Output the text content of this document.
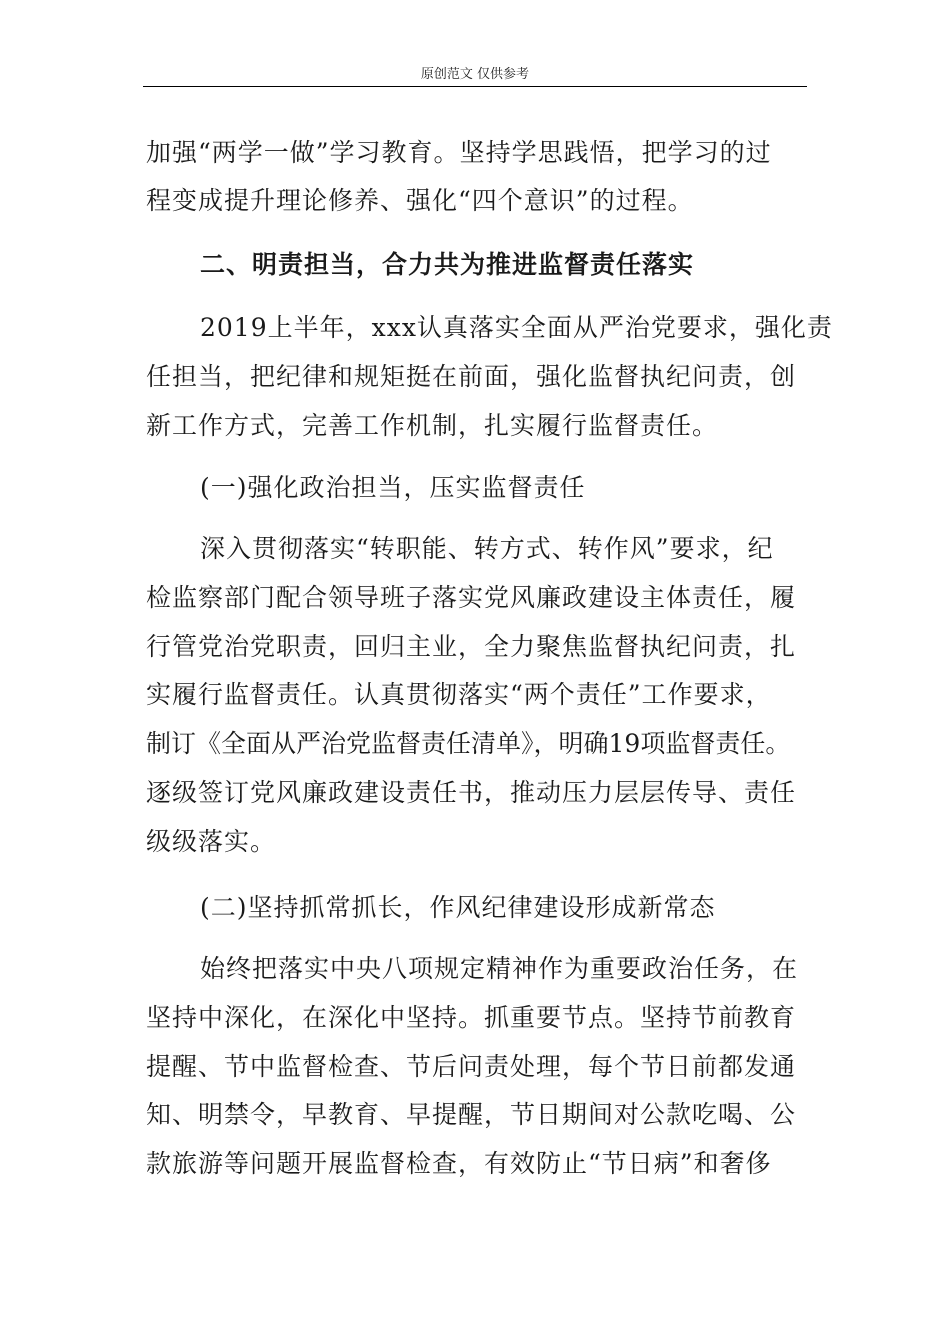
原创范文 仅供参考
加强“两学一做”学习教育。坚持学思践悟，把学习的过
程变成提升理论修养、强化“四个意识”的过程。
二、明责担当，合力共为推进监督责任落实
2019上半年，xxx认真落实全面从严治党要求，强化责
任担当，把纪律和规矩挺在前面，强化监督执纪问责，创
新工作方式，完善工作机制，扎实履行监督责任。
(一)强化政治担当，压实监督责任
深入贯彻落实“转职能、转方式、转作风”要求，纪
检监察部门配合领导班子落实党风廉政建设主体责任，履
行管党治党职责，回归主业，全力聚焦监督执纪问责，扎
实履行监督责任。认真贯彻落实“两个责任”工作要求，
制订《全面从严治党监督责任清单》，明确19项监督责任。
逐级签订党风廉政建设责任书，推动压力层层传导、责任
级级落实。
(二)坚持抓常抓长，作风纪律建设形成新常态
始终把落实中央八项规定精神作为重要政治任务，在
坚持中深化，在深化中坚持。抓重要节点。坚持节前教育
提醒、节中监督检查、节后问责处理，每个节日前都发通
知、明禁令，早教育、早提醒，节日期间对公款吃喝、公
款旅游等问题开展监督检查，有效防止“节日病”和奢侈
